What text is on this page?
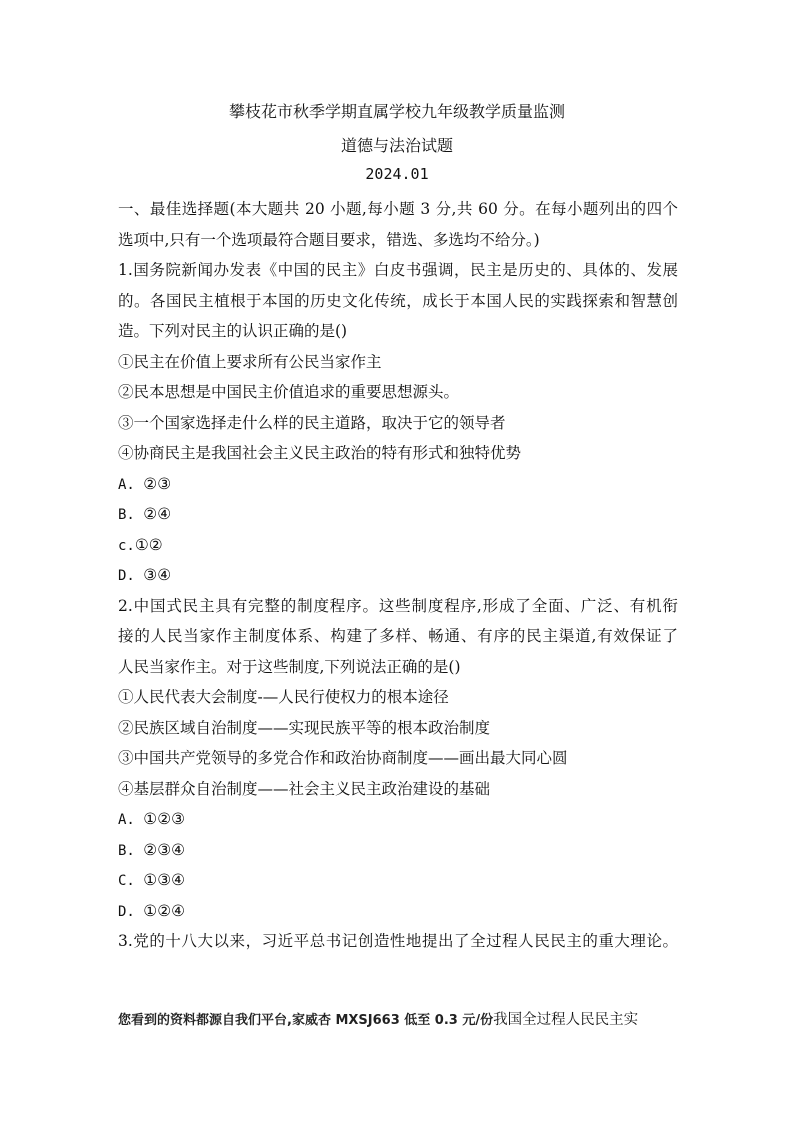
攀枝花市秋季学期直属学校九年级教学质量监测
道德与法治试题
2024.01
一、最佳选择题(本大题共 20 小题,每小题 3 分,共 60 分。在每小题列出的四个
选项中,只有一个选项最符合题目要求，错选、多选均不给分。)
1.国务院新闻办发表《中国的民主》白皮书强调，民主是历史的、具体的、发展
的。各国民主植根于本国的历史文化传统，成长于本国人民的实践探索和智慧创
造。下列对民主的认识正确的是()
①民主在价值上要求所有公民当家作主
②民本思想是中国民主价值追求的重要思想源头。
③一个国家选择走什么样的民主道路，取决于它的领导者
④协商民主是我国社会主义民主政治的特有形式和独特优势
A. ②③
B. ②④
c.①②
D. ③④
2.中国式民主具有完整的制度程序。这些制度程序,形成了全面、广泛、有机衔
接的人民当家作主制度体系、构建了多样、畅通、有序的民主渠道,有效保证了
人民当家作主。对于这些制度,下列说法正确的是()
①人民代表大会制度-—人民行使权力的根本途径
②民族区域自治制度——实现民族平等的根本政治制度
③中国共产党领导的多党合作和政治协商制度——画出最大同心圆
④基层群众自治制度——社会主义民主政治建设的基础
A. ①②③
B. ②③④
C. ①③④
D. ①②④
3.党的十八大以来，习近平总书记创造性地提出了全过程人民民主的重大理论。
您看到的资料都源自我们平台,家威杏 MXSJ663 低至 0.3 元/份我国全过程人民民主实
